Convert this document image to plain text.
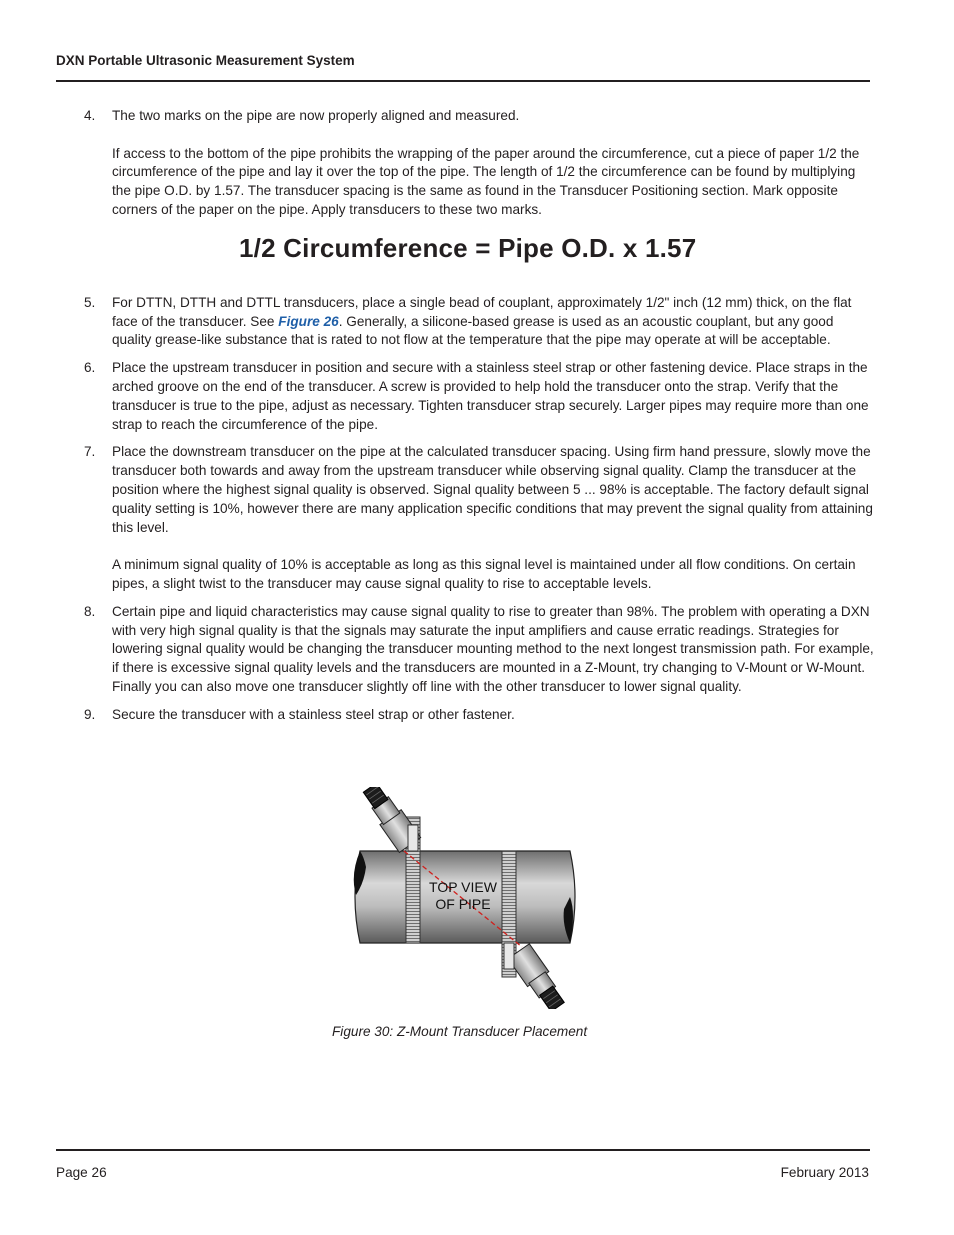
DXN Portable Ultrasonic Measurement System
4. The two marks on the pipe are now properly aligned and measured.

If access to the bottom of the pipe prohibits the wrapping of the paper around the circumference, cut a piece of paper 1/2 the circumference of the pipe and lay it over the top of the pipe. The length of 1/2 the circumference can be found by multiplying the pipe O.D. by 1.57. The transducer spacing is the same as found in the Transducer Positioning section. Mark opposite corners of the paper on the pipe. Apply transducers to these two marks.

1/2 Circumference = Pipe O.D. x 1.57
5. For DTTN, DTTH and DTTL transducers, place a single bead of couplant, approximately 1/2" inch (12 mm) thick, on the flat face of the transducer. See Figure 26. Generally, a silicone-based grease is used as an acoustic couplant, but any good quality grease-like substance that is rated to not flow at the temperature that the pipe may operate at will be acceptable.

6. Place the upstream transducer in position and secure with a stainless steel strap or other fastening device. Place straps in the arched groove on the end of the transducer. A screw is provided to help hold the transducer onto the strap. Verify that the transducer is true to the pipe, adjust as necessary. Tighten transducer strap securely. Larger pipes may require more than one strap to reach the circumference of the pipe.

7. Place the downstream transducer on the pipe at the calculated transducer spacing. Using firm hand pressure, slowly move the transducer both towards and away from the upstream transducer while observing signal quality. Clamp the transducer at the position where the highest signal quality is observed. Signal quality between 5 ... 98% is acceptable. The factory default signal quality setting is 10%, however there are many application specific conditions that may prevent the signal quality from attaining this level.

A minimum signal quality of 10% is acceptable as long as this signal level is maintained under all flow conditions. On certain pipes, a slight twist to the transducer may cause signal quality to rise to acceptable levels.

8. Certain pipe and liquid characteristics may cause signal quality to rise to greater than 98%. The problem with operating a DXN with very high signal quality is that the signals may saturate the input amplifiers and cause erratic readings. Strategies for lowering signal quality would be changing the transducer mounting method to the next longest transmission path. For example, if there is excessive signal quality levels and the transducers are mounted in a Z-Mount, try changing to V-Mount or W-Mount. Finally you can also move one transducer slightly off line with the other transducer to lower signal quality.

9. Secure the transducer with a stainless steel strap or other fastener.

TOP VIEW
OF PIPE
Figure 30: Z-Mount Transducer Placement
Page 26	February 2013
